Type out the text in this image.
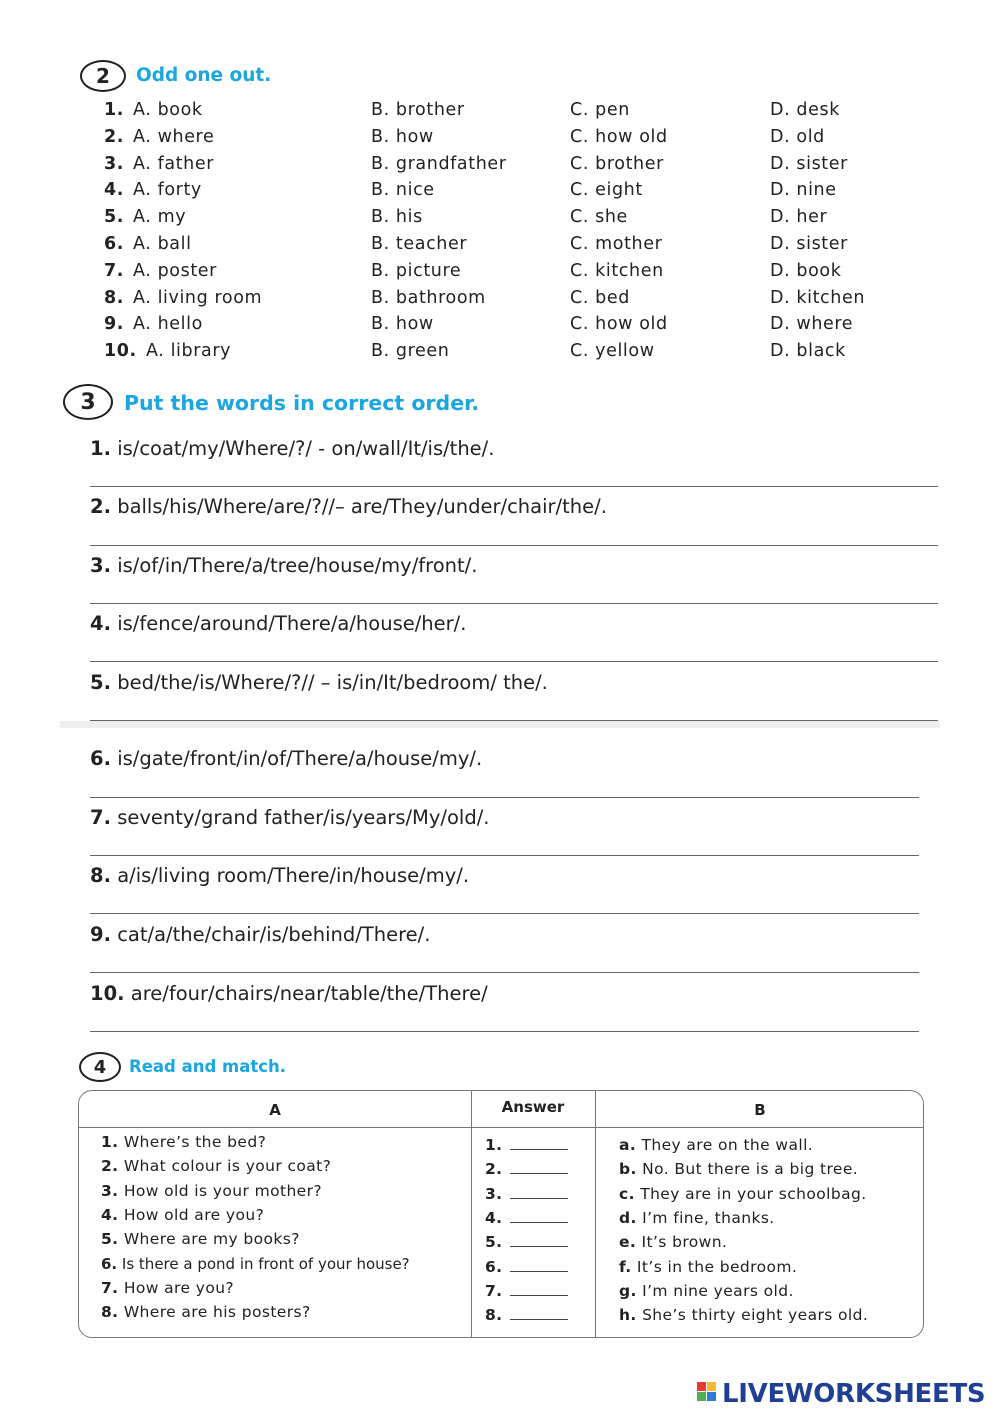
2	Odd one out.
1. A. book	B. brother	C. pen	D. desk
2. A. where	B. how	C. how old	D. old
3. A. father	B. grandfather	C. brother	D. sister
4. A. forty	B. nice	C. eight	D. nine
5. A. my	B. his	C. she	D. her
6. A. ball	B. teacher	C. mother	D. sister
7. A. poster	B. picture	C. kitchen	D. book
8. A. living room	B. bathroom	C. bed	D. kitchen
9. A. hello	B. how	C. how old	D. where
10. A. library	B. green	C. yellow	D. black
3	Put the words in correct order.
1. is/coat/my/Where/?/ - on/wall/It/is/the/.
2. balls/his/Where/are/?//– are/They/under/chair/the/.
3. is/of/in/There/a/tree/house/my/front/.
4. is/fence/around/There/a/house/her/.
5. bed/the/is/Where/?// – is/in/It/bedroom/ the/.
6. is/gate/front/in/of/There/a/house/my/.
7. seventy/grand father/is/years/My/old/.
8. a/is/living room/There/in/house/my/.
9. cat/a/the/chair/is/behind/There/.
10. are/four/chairs/near/table/the/There/
4	Read and match.
A	Answer	B
1. Where’s the bed?	1.	a. They are on the wall.
2. What colour is your coat?	2.	b. No. But there is a big tree.
3. How old is your mother?	3.	c. They are in your schoolbag.
4. How old are you?	4.	d. I’m fine, thanks.
5. Where are my books?	5.	e. It’s brown.
6. Is there a pond in front of your house?	6.	f. It’s in the bedroom.
7. How are you?	7.	g. I’m nine years old.
8. Where are his posters?	8.	h. She’s thirty eight years old.
LIVEWORKSHEETS
